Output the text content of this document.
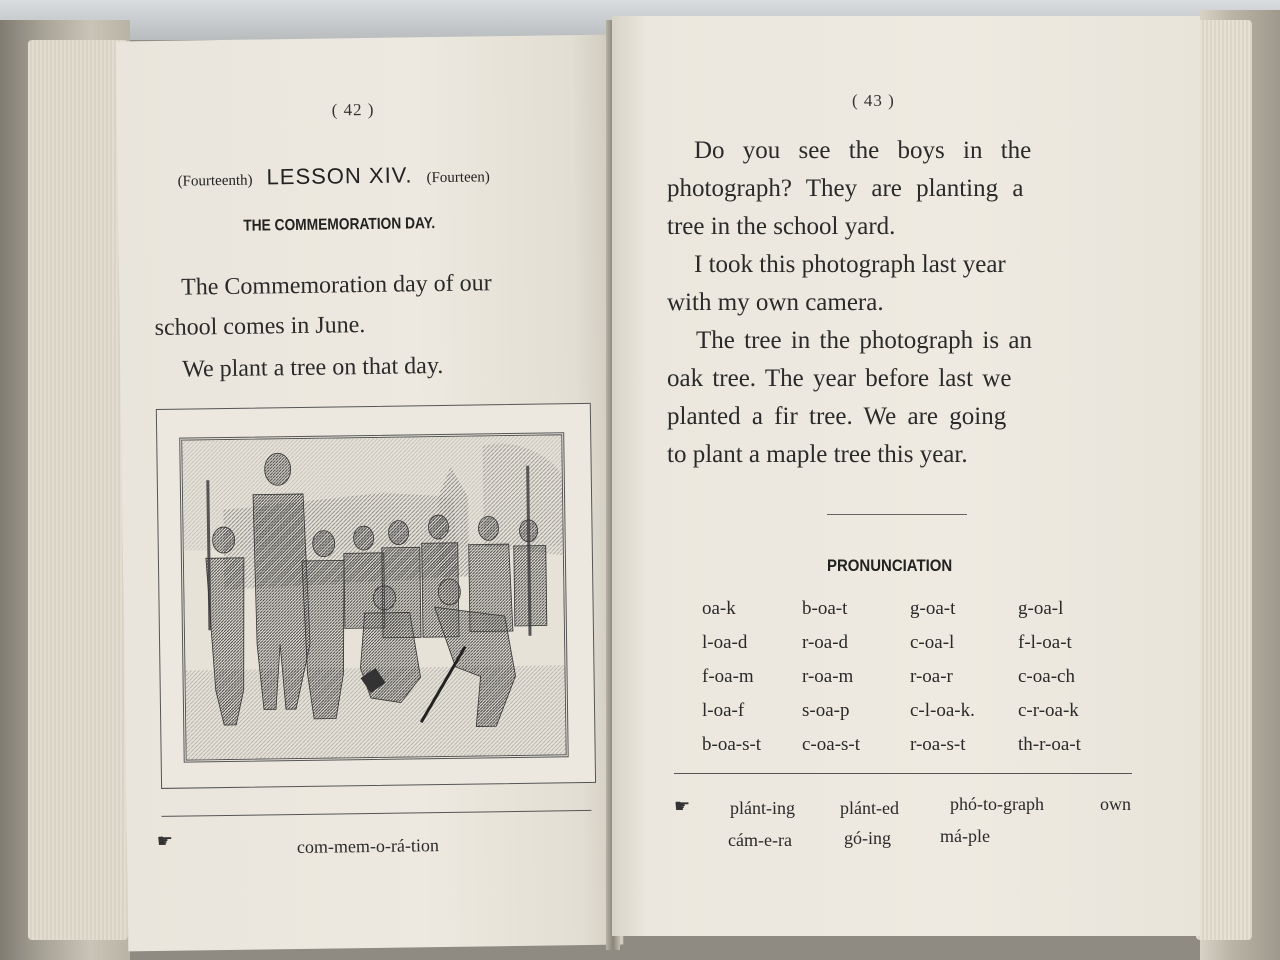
( 42 )
(Fourteenth) LESSON XIV. (Fourteen)
THE COMMEMORATION DAY.
The Commemoration day of our
school comes in June.
We plant a tree on that day.
☛	com-mem-o-rá-tion
( 43 )
Do you see the boys in the
photograph? They are planting a
tree in the school yard.
I took this photograph last year
with my own camera.
The tree in the photograph is an
oak tree. The year before last we
planted a fir tree. We are going
to plant a maple tree this year.
PRONUNCIATION
oa-k	b-oa-t	g-oa-t	g-oa-l
l-oa-d	r-oa-d	c-oa-l	f-l-oa-t
f-oa-m	r-oa-m	r-oa-r	c-oa-ch
l-oa-f	s-oa-p	c-l-oa-k.	c-r-oa-k
b-oa-s-t	c-oa-s-t	r-oa-s-t	th-r-oa-t
☛ plánt-ing	plánt-ed	phó-to-graph	own
cám-e-ra	gó-ing	má-ple
